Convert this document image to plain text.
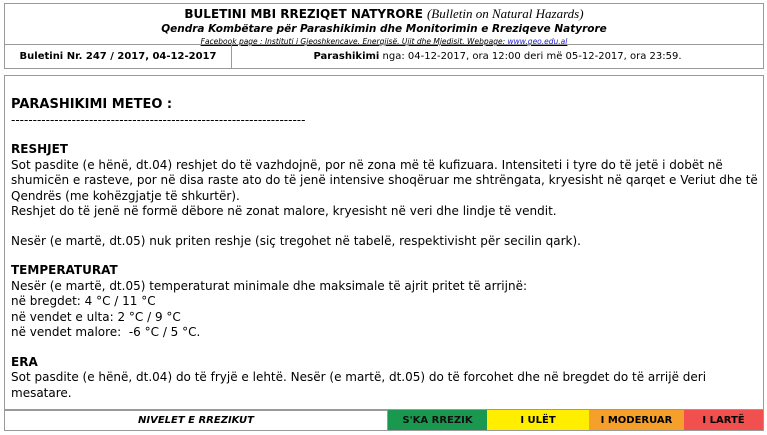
BULETINI MBI RREZIQET NATYRORE (Bulletin on Natural Hazards)
Qendra Kombëtare për Parashikimin dhe Monitorimin e Rreziqeve Natyrore
Facebook page : Instituti i Gjeoshkencave, Energjisë, Ujit dhe Mjedisit, Webpage: www.geo.edu.al
Buletini Nr. 247 / 2017, 04-12-2017	Parashikimi nga: 04-12-2017, ora 12:00 deri më 05-12-2017, ora 23:59.

PARASHIKIMI METEO :

--------------------------------------------------------------------

RESHJET

Sot pasdite (e hënë, dt.04) reshjet do të vazhdojnë, por në zona më të kufizuara. Intensiteti i tyre do të jetë i dobët në shumicën e rasteve, por në disa raste ato do të jenë intensive shoqëruar me shtrëngata, kryesisht në qarqet e Veriut dhe të Qendrës (me kohëzgjatje të shkurtër).

Reshjet do të jenë në formë dëbore në zonat malore, kryesisht në veri dhe lindje të vendit.

Nesër (e martë, dt.05) nuk priten reshje (siç tregohet në tabelë, respektivisht për secilin qark).

TEMPERATURAT

Nesër (e martë, dt.05) temperaturat minimale dhe maksimale të ajrit pritet të arrijnë:

në bregdet: 4 °C / 11 °C

në vendet e ulta: 2 °C / 9 °C

në vendet malore:  -6 °C / 5 °C.

ERA

Sot pasdite (e hënë, dt.04) do të fryjë e lehtë. Nesër (e martë, dt.05) do të forcohet dhe në bregdet do të arrijë deri mesatare.

NIVELET E RREZIKUT	S'KA RREZIK	I ULËT	I MODERUAR	I LARTË
